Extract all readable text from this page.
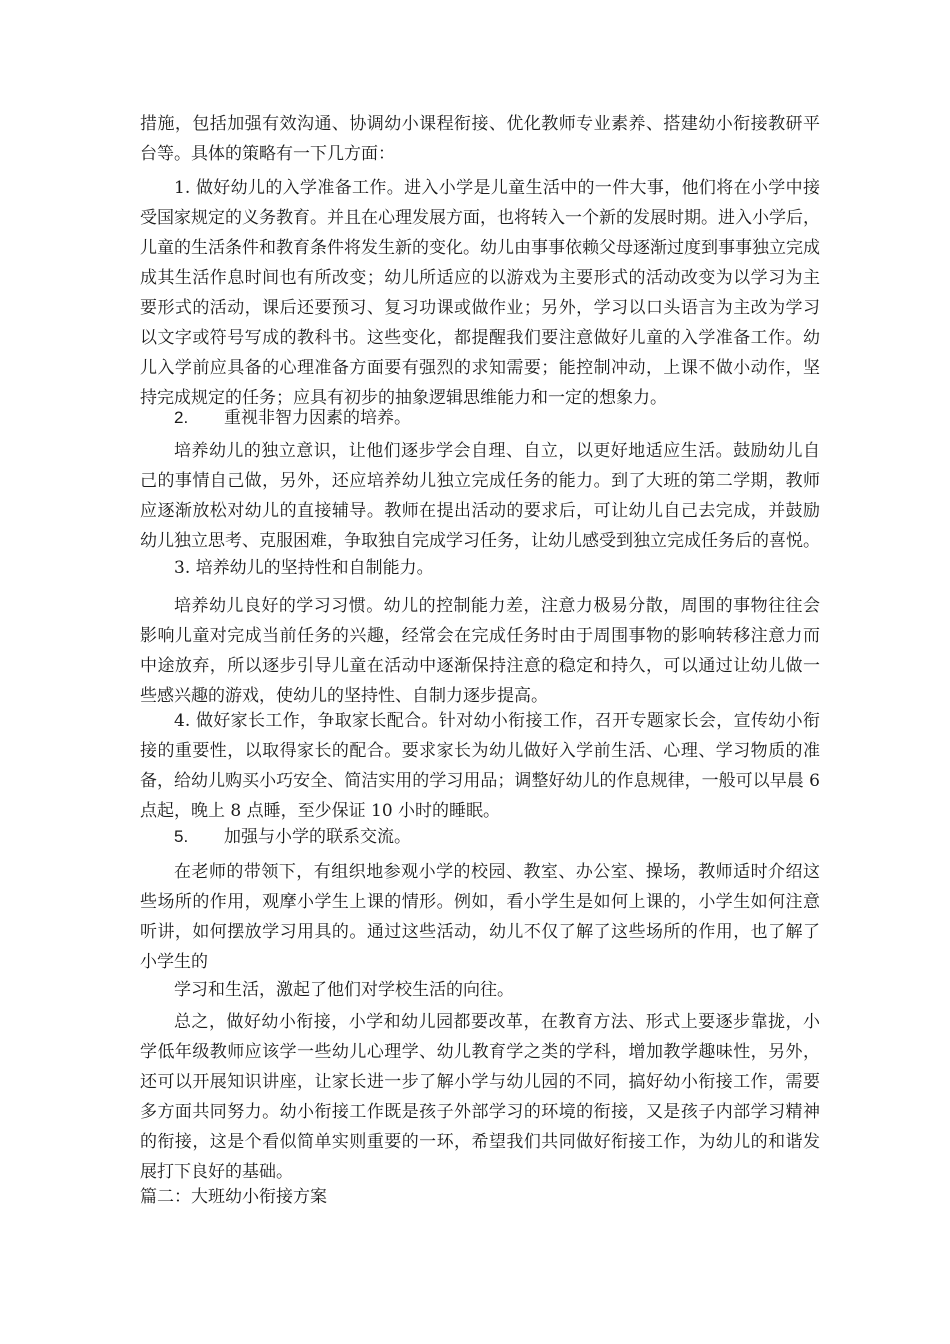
措施，包括加强有效沟通、协调幼小课程衔接、优化教师专业素养、搭建幼小衔接教研平
台等。具体的策略有一下几方面：
1. 做好幼儿的入学准备工作。进入小学是儿童生活中的一件大事，他们将在小学中接
受国家规定的义务教育。并且在心理发展方面，也将转入一个新的发展时期。进入小学后，
儿童的生活条件和教育条件将发生新的变化。幼儿由事事依赖父母逐渐过度到事事独立完成
成其生活作息时间也有所改变；幼儿所适应的以游戏为主要形式的活动改变为以学习为主
要形式的活动，课后还要预习、复习功课或做作业；另外，学习以口头语言为主改为学习
以文字或符号写成的教科书。这些变化，都提醒我们要注意做好儿童的入学准备工作。幼
儿入学前应具备的心理准备方面要有强烈的求知需要；能控制冲动，上课不做小动作，坚
持完成规定的任务；应具有初步的抽象逻辑思维能力和一定的想象力。
2. 重视非智力因素的培养。
培养幼儿的独立意识，让他们逐步学会自理、自立，以更好地适应生活。鼓励幼儿自
己的事情自己做，另外，还应培养幼儿独立完成任务的能力。到了大班的第二学期，教师
应逐渐放松对幼儿的直接辅导。教师在提出活动的要求后，可让幼儿自己去完成，并鼓励
幼儿独立思考、克服困难，争取独自完成学习任务，让幼儿感受到独立完成任务后的喜悦。
3. 培养幼儿的坚持性和自制能力。
培养幼儿良好的学习习惯。幼儿的控制能力差，注意力极易分散，周围的事物往往会
影响儿童对完成当前任务的兴趣，经常会在完成任务时由于周围事物的影响转移注意力而
中途放弃，所以逐步引导儿童在活动中逐渐保持注意的稳定和持久，可以通过让幼儿做一
些感兴趣的游戏，使幼儿的坚持性、自制力逐步提高。
4. 做好家长工作，争取家长配合。针对幼小衔接工作，召开专题家长会，宣传幼小衔
接的重要性，以取得家长的配合。要求家长为幼儿做好入学前生活、心理、学习物质的准
备，给幼儿购买小巧安全、简洁实用的学习用品；调整好幼儿的作息规律，一般可以早晨 6
点起，晚上 8 点睡，至少保证 10 小时的睡眠。
5. 加强与小学的联系交流。
在老师的带领下，有组织地参观小学的校园、教室、办公室、操场，教师适时介绍这
些场所的作用，观摩小学生上课的情形。例如，看小学生是如何上课的，小学生如何注意
听讲，如何摆放学习用具的。通过这些活动，幼儿不仅了解了这些场所的作用，也了解了
小学生的
学习和生活，激起了他们对学校生活的向往。
总之，做好幼小衔接，小学和幼儿园都要改革，在教育方法、形式上要逐步靠拢，小
学低年级教师应该学一些幼儿心理学、幼儿教育学之类的学科，增加教学趣味性，另外，
还可以开展知识讲座，让家长进一步了解小学与幼儿园的不同，搞好幼小衔接工作，需要
多方面共同努力。幼小衔接工作既是孩子外部学习的环境的衔接，又是孩子内部学习精神
的衔接，这是个看似简单实则重要的一环，希望我们共同做好衔接工作，为幼儿的和谐发
展打下良好的基础。
篇二：大班幼小衔接方案
